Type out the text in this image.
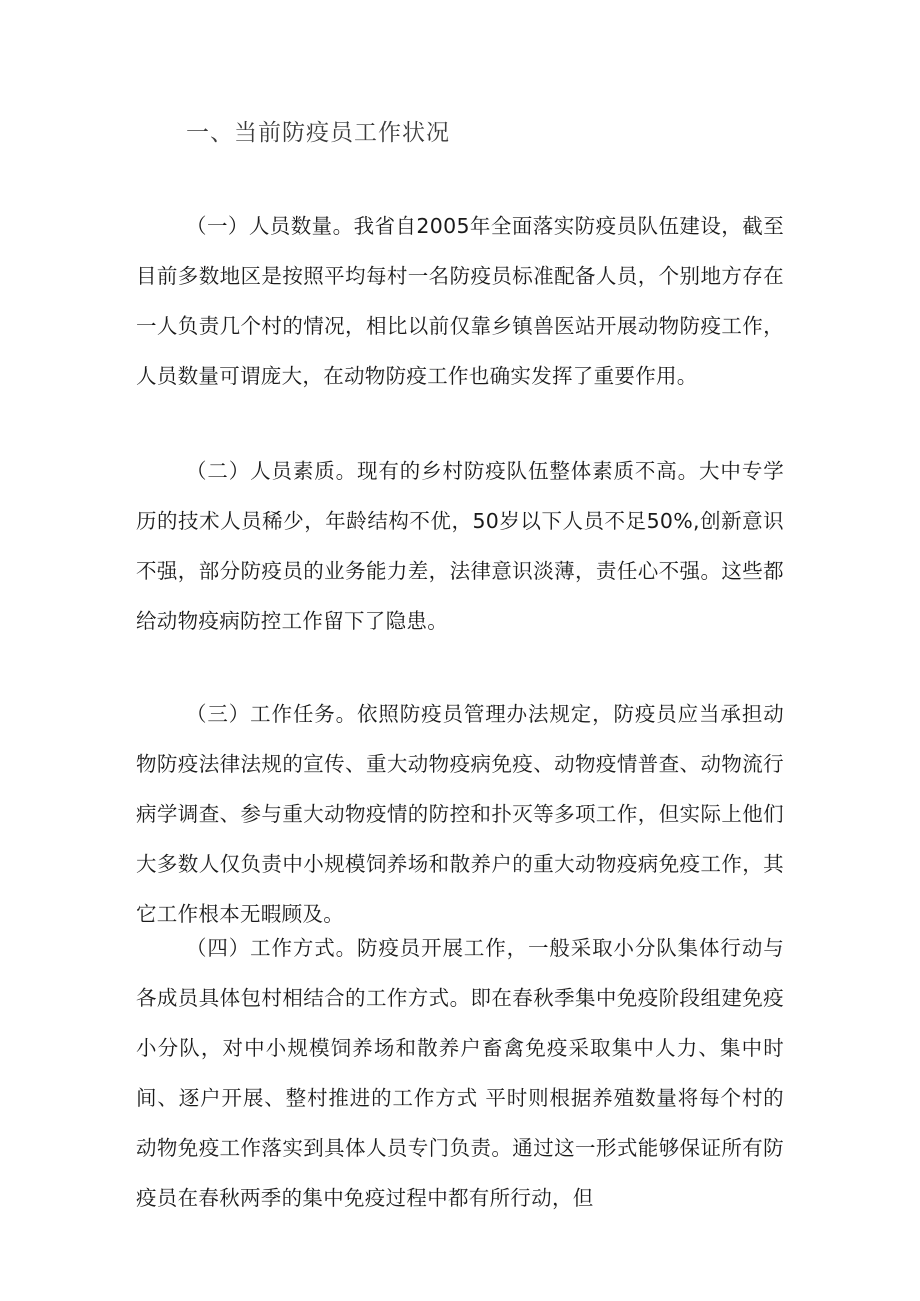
一、当前防疫员工作状况

（一）人员数量。我省自2005年全面落实防疫员队伍建设，截至目前多数地区是按照平均每村一名防疫员标准配备人员，个别地方存在一人负责几个村的情况，相比以前仅靠乡镇兽医站开展动物防疫工作，人员数量可谓庞大，在动物防疫工作也确实发挥了重要作用。

（二）人员素质。现有的乡村防疫队伍整体素质不高。大中专学历的技术人员稀少，年龄结构不优，50岁以下人员不足50%,创新意识不强，部分防疫员的业务能力差，法律意识淡薄，责任心不强。这些都给动物疫病防控工作留下了隐患。

（三）工作任务。依照防疫员管理办法规定，防疫员应当承担动物防疫法律法规的宣传、重大动物疫病免疫、动物疫情普查、动物流行病学调查、参与重大动物疫情的防控和扑灭等多项工作，但实际上他们大多数人仅负责中小规模饲养场和散养户的重大动物疫病免疫工作，其它工作根本无暇顾及。

（四）工作方式。防疫员开展工作，一般采取小分队集体行动与各成员具体包村相结合的工作方式。即在春秋季集中免疫阶段组建免疫小分队，对中小规模饲养场和散养户畜禽免疫采取集中人力、集中时间、逐户开展、整村推进的工作方式 平时则根据养殖数量将每个村的动物免疫工作落实到具体人员专门负责。通过这一形式能够保证所有防疫员在春秋两季的集中免疫过程中都有所行动，但
